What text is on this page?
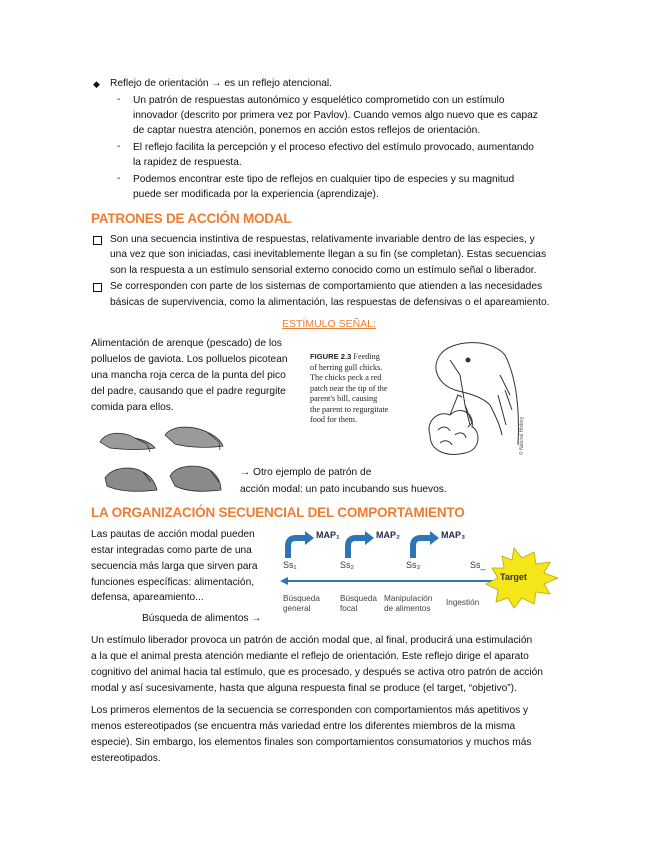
◆ Reflejo de orientación → es un reflejo atencional.
- Un patrón de respuestas autonómico y esquelético comprometido con un estímulo
innovador (descrito por primera vez por Pavlov). Cuando vemos algo nuevo que es capaz
de captar nuestra atención, ponemos en acción estos reflejos de orientación.
- El reflejo facilita la percepción y el proceso efectivo del estímulo provocado, aumentando
la rapidez de respuesta.
- Podemos encontrar este tipo de reflejos en cualquier tipo de especies y su magnitud
puede ser modificada por la experiencia (aprendizaje).
PATRONES DE ACCIÓN MODAL
Son una secuencia instintiva de respuestas, relativamente invariable dentro de las especies, y
una vez que son iniciadas, casi inevitablemente llegan a su fin (se completan). Estas secuencias
son la respuesta a un estímulo sensorial externo conocido como un estímulo señal o liberador.
Se corresponden con parte de los sistemas de comportamiento que atienden a las necesidades
básicas de supervivencia, como la alimentación, las respuestas de defensivas o el apareamiento.
ESTÍMULO SEÑAL:
Alimentación de arenque (pescado) de los
polluelos de gaviota. Los polluelos picotean
una mancha roja cerca de la punta del pico
del padre, causando que el padre regurgite
comida para ellos.
FIGURE 2.3 Feeding
of herring gull chicks.
The chicks peck a red
patch near the tip of the
parent's bill, causing
the parent to regurgitate
food for them.	© Natural History
→ Otro ejemplo de patrón de
acción modal: un pato incubando sus huevos.
LA ORGANIZACIÓN SECUENCIAL DEL COMPORTAMIENTO
Las pautas de acción modal pueden
estar integradas como parte de una
secuencia más larga que sirven para
funciones específicas: alimentación,
defensa, apareamiento...
Búsqueda de alimentos →
MAP₁	MAP₂	MAP₃
Ss₁	Ss₂	Ss₃	Ss_
Target
Búsqueda
general
Búsqueda
focal
Manipulación
de alimentos
Ingestión
Un estímulo liberador provoca un patrón de acción modal que, al final, producirá una estimulación
a la que el animal presta atención mediante el reflejo de orientación. Este reflejo dirige el aparato
cognitivo del animal hacia tal estímulo, que es procesado, y después se activa otro patrón de acción
modal y así sucesivamente, hasta que alguna respuesta final se produce (el target, “objetivo”).
Los primeros elementos de la secuencia se corresponden con comportamientos más apetitivos y
menos estereotipados (se encuentra más variedad entre los diferentes miembros de la misma
especie). Sin embargo, los elementos finales son comportamientos consumatorios y muchos más
estereotipados.
